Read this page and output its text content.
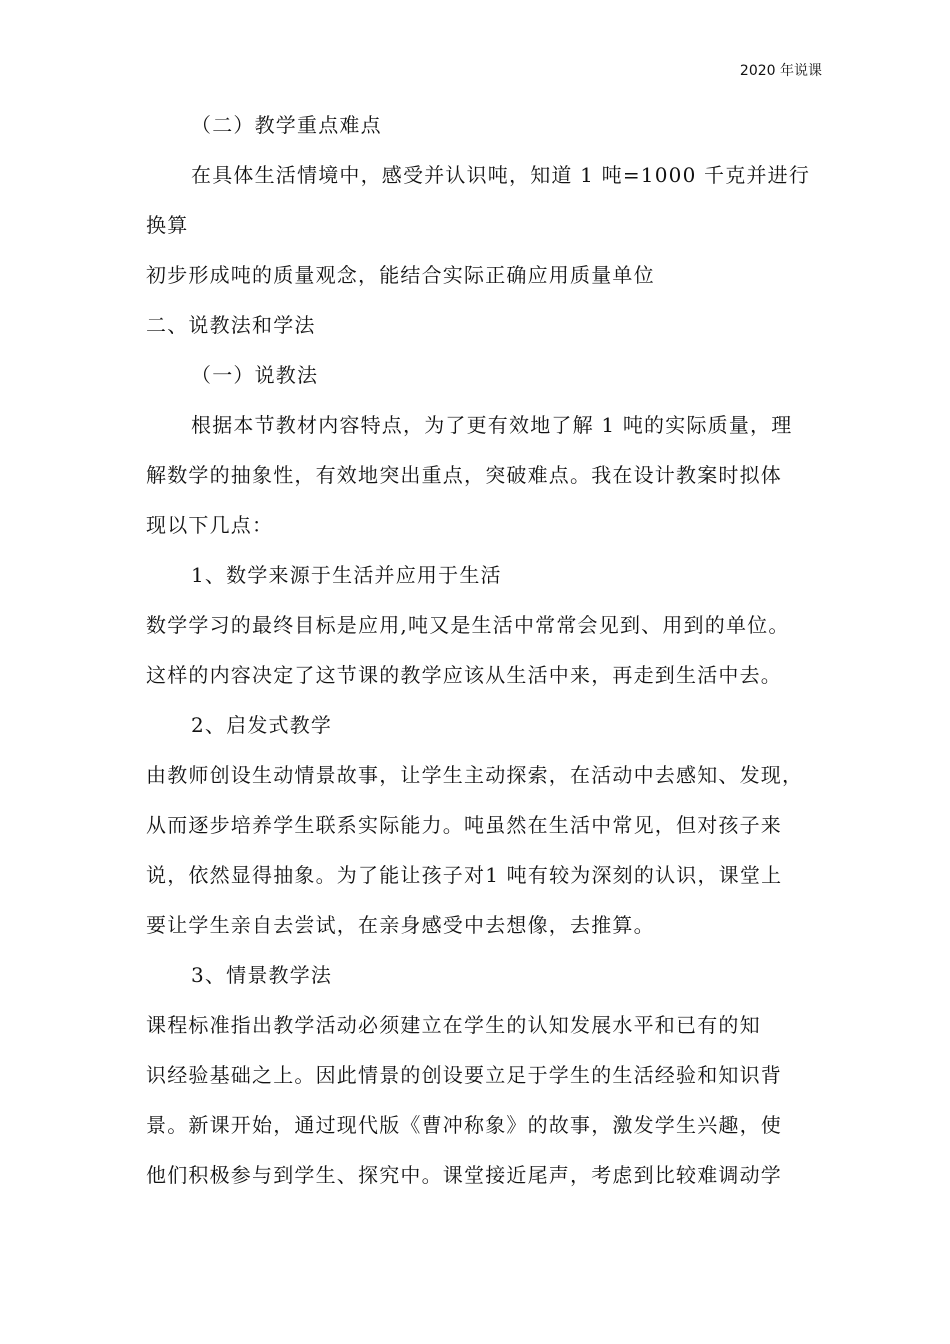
2020 年说课
（二）教学重点难点
在具体生活情境中，感受并认识吨，知道 1 吨=1000 千克并进行
换算
初步形成吨的质量观念，能结合实际正确应用质量单位
二、说教法和学法
（一）说教法
根据本节教材内容特点，为了更有效地了解 1 吨的实际质量，理
解数学的抽象性，有效地突出重点，突破难点。我在设计教案时拟体
现以下几点：
1、数学来源于生活并应用于生活
数学学习的最终目标是应用,吨又是生活中常常会见到、用到的单位。
这样的内容决定了这节课的教学应该从生活中来，再走到生活中去。
2、启发式教学
由教师创设生动情景故事，让学生主动探索，在活动中去感知、发现，
从而逐步培养学生联系实际能力。吨虽然在生活中常见，但对孩子来
说，依然显得抽象。为了能让孩子对1 吨有较为深刻的认识，课堂上
要让学生亲自去尝试，在亲身感受中去想像，去推算。
3、情景教学法
课程标准指出教学活动必须建立在学生的认知发展水平和已有的知
识经验基础之上。因此情景的创设要立足于学生的生活经验和知识背
景。新课开始，通过现代版《曹冲称象》的故事，激发学生兴趣，使
他们积极参与到学生、探究中。课堂接近尾声，考虑到比较难调动学
